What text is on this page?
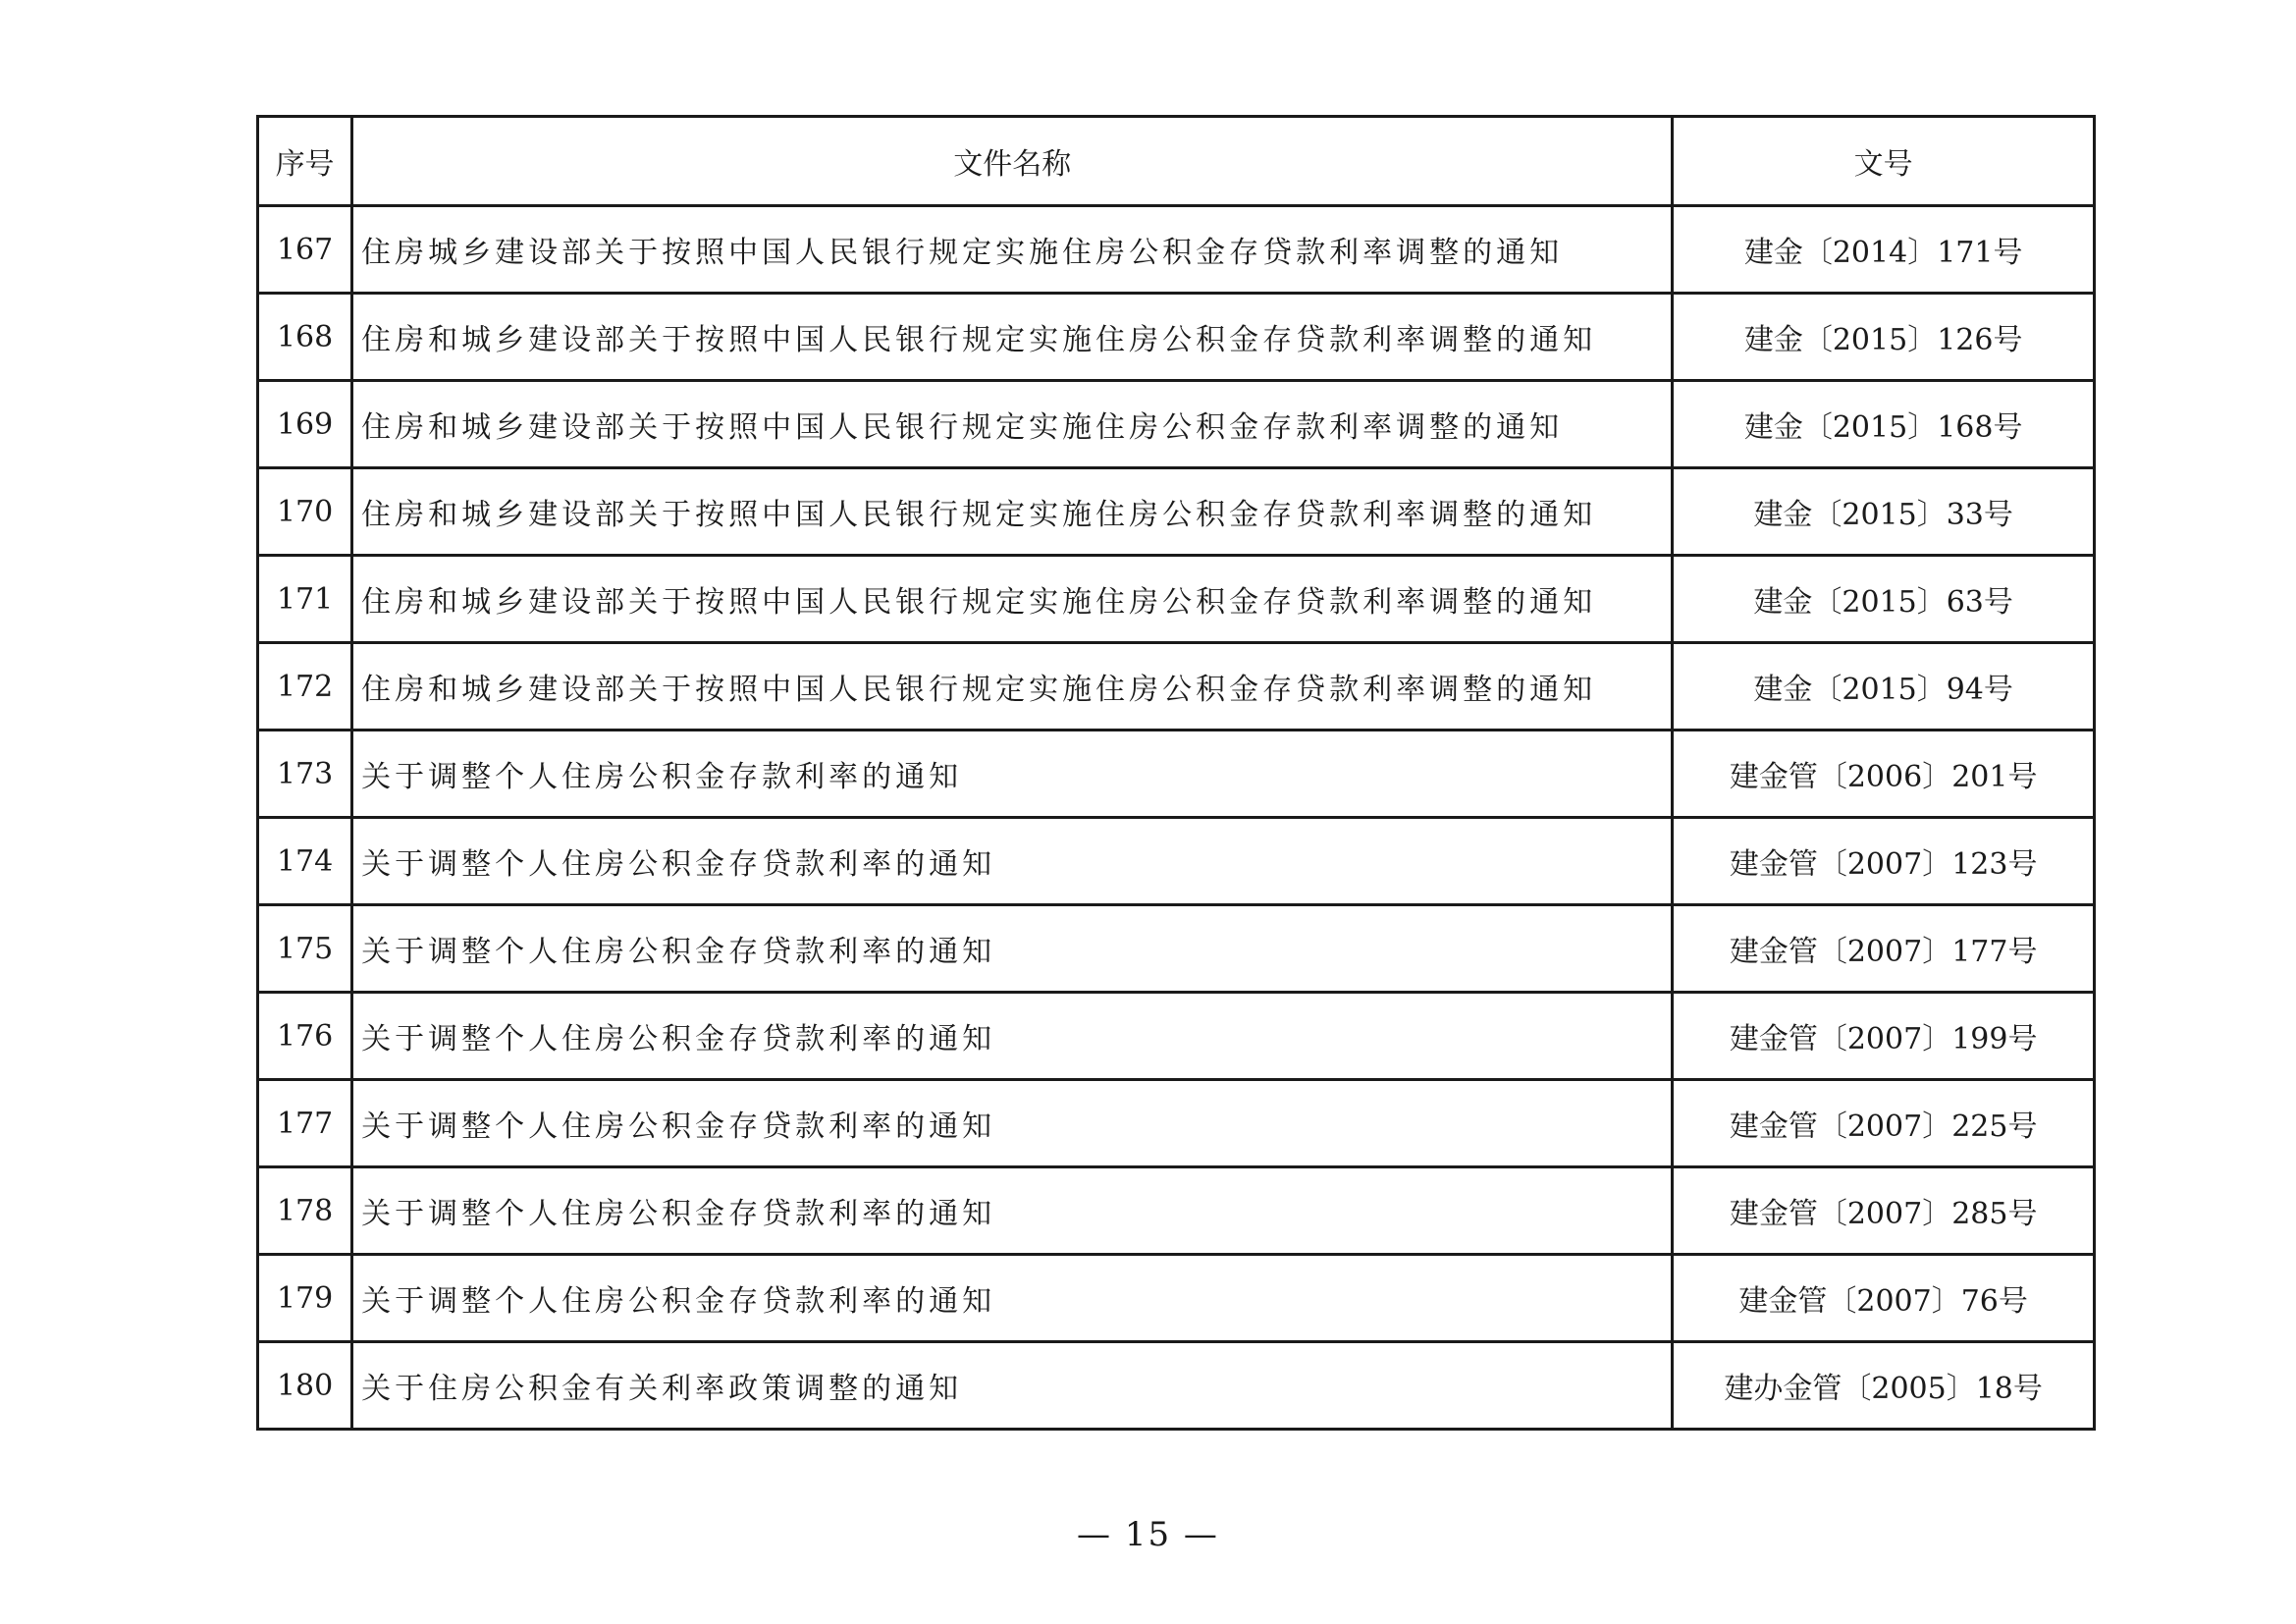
序号	文件名称	文号
167	住房城乡建设部关于按照中国人民银行规定实施住房公积金存贷款利率调整的通知	建金〔2014〕171号
168	住房和城乡建设部关于按照中国人民银行规定实施住房公积金存贷款利率调整的通知	建金〔2015〕126号
169	住房和城乡建设部关于按照中国人民银行规定实施住房公积金存款利率调整的通知	建金〔2015〕168号
170	住房和城乡建设部关于按照中国人民银行规定实施住房公积金存贷款利率调整的通知	建金〔2015〕33号
171	住房和城乡建设部关于按照中国人民银行规定实施住房公积金存贷款利率调整的通知	建金〔2015〕63号
172	住房和城乡建设部关于按照中国人民银行规定实施住房公积金存贷款利率调整的通知	建金〔2015〕94号
173	关于调整个人住房公积金存款利率的通知	建金管〔2006〕201号
174	关于调整个人住房公积金存贷款利率的通知	建金管〔2007〕123号
175	关于调整个人住房公积金存贷款利率的通知	建金管〔2007〕177号
176	关于调整个人住房公积金存贷款利率的通知	建金管〔2007〕199号
177	关于调整个人住房公积金存贷款利率的通知	建金管〔2007〕225号
178	关于调整个人住房公积金存贷款利率的通知	建金管〔2007〕285号
179	关于调整个人住房公积金存贷款利率的通知	建金管〔2007〕76号
180	关于住房公积金有关利率政策调整的通知	建办金管〔2005〕18号
— 15 —
